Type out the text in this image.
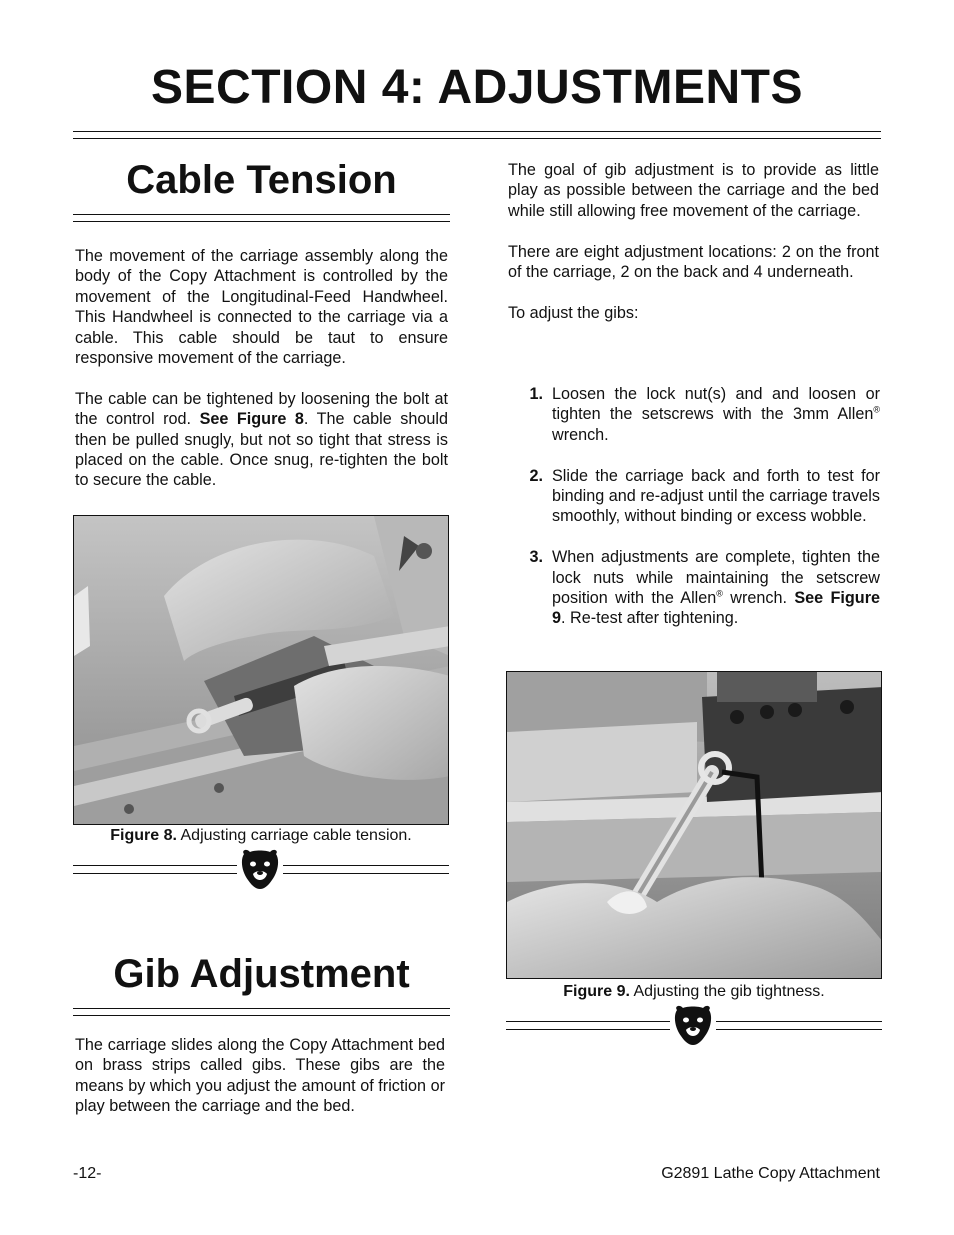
SECTION 4: ADJUSTMENTS
Cable Tension

The movement of the carriage assembly along the body of the Copy Attachment is controlled by the movement of the Longitudinal-Feed Handwheel. This Handwheel is connected to the carriage via a cable. This cable should be taut to ensure responsive movement of the carriage.

The cable can be tightened by loosening the bolt at the control rod. See Figure 8. The cable should then be pulled snugly, but not so tight that stress is placed on the cable. Once snug, re-tighten the bolt to secure the cable.

Figure 8. Adjusting carriage cable tension.
Gib Adjustment

The carriage slides along the Copy Attachment bed on brass strips called gibs. These gibs are the means by which you adjust the amount of friction or play between the carriage and the bed.

The goal of gib adjustment is to provide as little play as possible between the carriage and the bed while still allowing free movement of the carriage.

There are eight adjustment locations: 2 on the front of the carriage, 2 on the back and 4 underneath.

To adjust the gibs:

1. Loosen the lock nut(s) and and loosen or tighten the setscrews with the 3mm Allen® wrench.
2. Slide the carriage back and forth to test for binding and re-adjust until the carriage travels smoothly, without binding or excess wobble.
3. When adjustments are complete, tighten the lock nuts while maintaining the setscrew position with the Allen® wrench. See Figure 9. Re-test after tightening.
Figure 9. Adjusting the gib tightness.
-12-	G2891 Lathe Copy Attachment
